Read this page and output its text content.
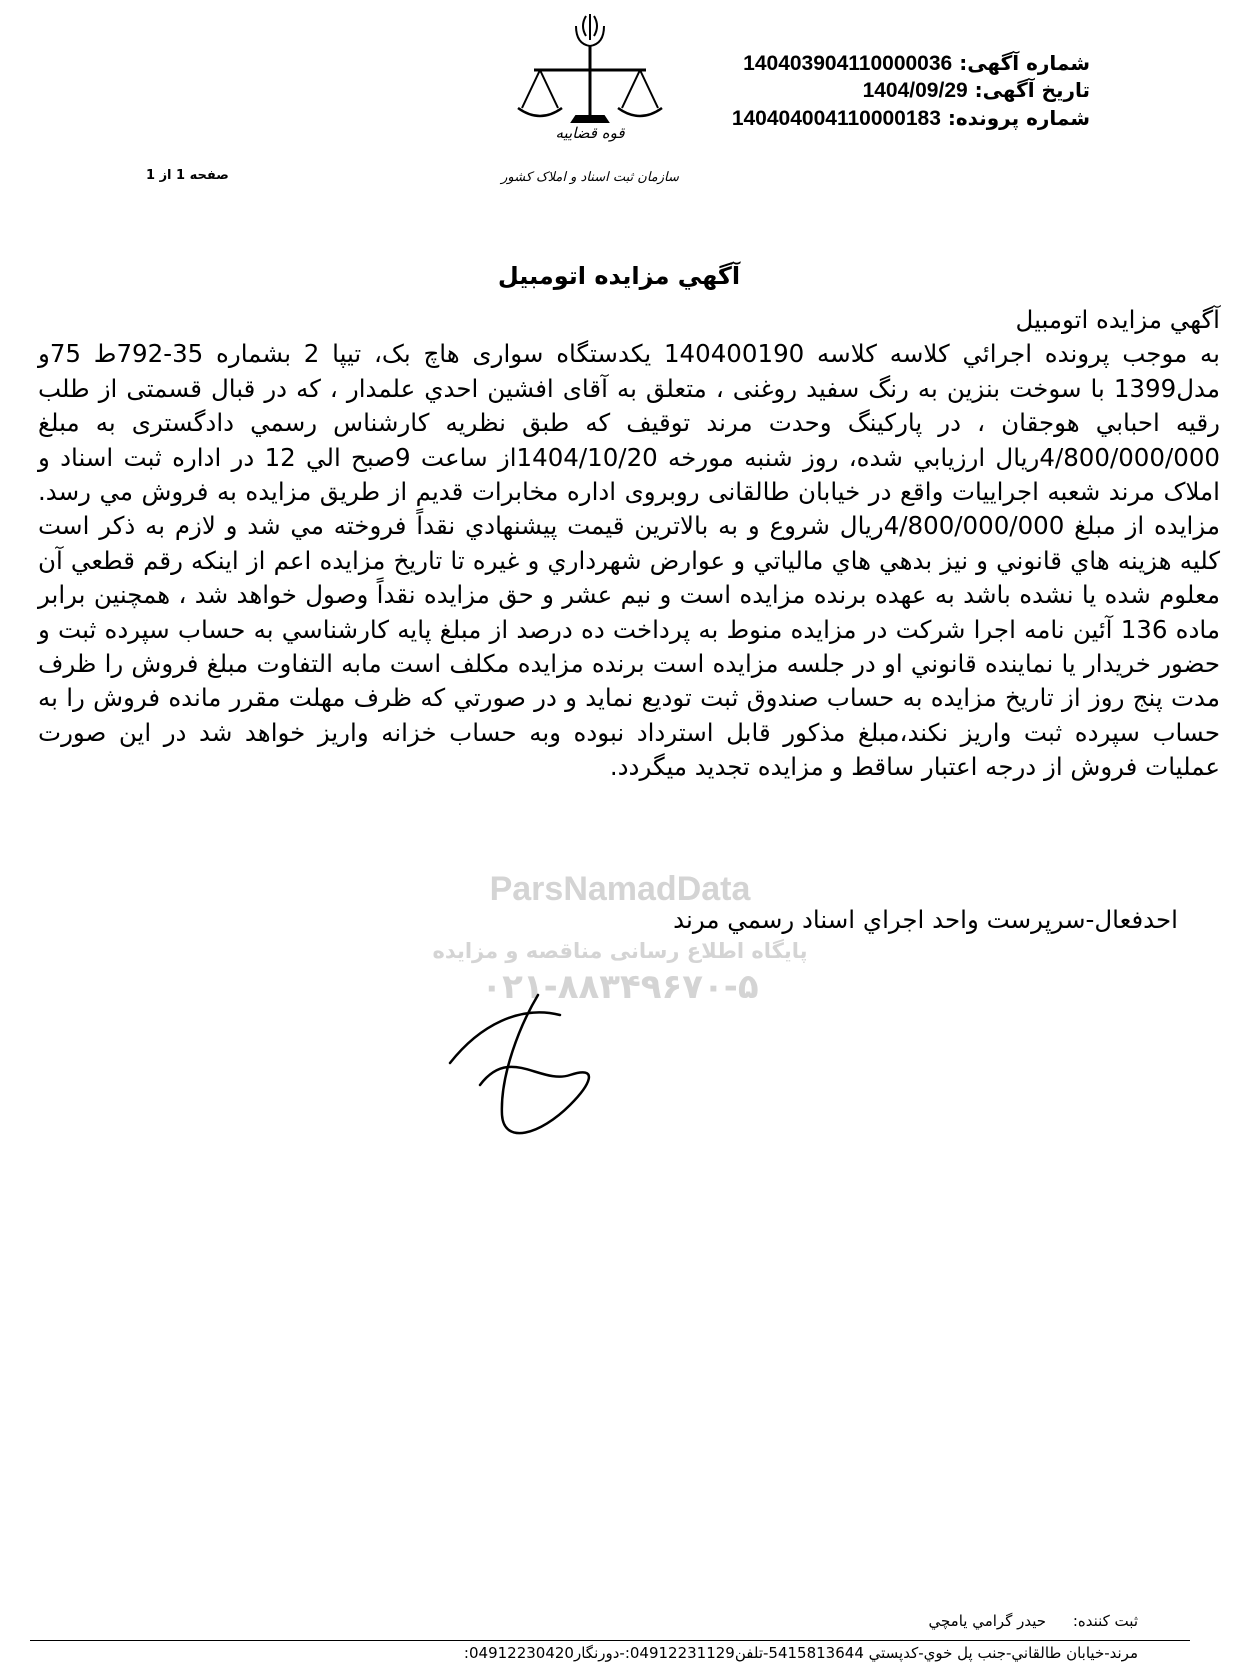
قوه قضاییه
سازمان ثبت اسناد و املاک کشور
شماره آگهی: 140403904110000036
تاریخ آگهی: 1404/09/29
شماره پرونده: 140404004110000183
صفحه 1 از 1
آگهي مزايده اتومبيل
ParsNamadData
پایگاه اطلاع رسانی مناقصه و مزایده
۰۲۱-۸۸۳۴۹۶۷۰-۵

آگهي مزايده اتومبيل

به موجب پرونده اجرائي کلاسه کلاسه 140400190 يکدستگاه سواری هاچ بک، تيپا 2 بشماره 35-792ط 75و مدل1399 با سوخت بنزين به رنگ سفيد روغنی ، متعلق به آقای افشين احدي علمدار ، که در قبال قسمتی از طلب رقيه احبابي هوجقان ، در پارکينگ وحدت مرند توقيف که طبق نظريه کارشناس رسمي دادگستری به مبلغ 4/800/000/000ريال ارزيابي شده، روز شنبه مورخه 1404/10/20از ساعت 9صبح الي 12 در اداره ثبت اسناد و املاک مرند شعبه اجرايیات واقع در خيابان طالقانی روبروی اداره مخابرات قديم از طريق مزايده به فروش مي رسد. مزايده از مبلغ 4/800/000/000ريال شروع و به بالاترين قيمت پيشنهادي نقداً فروخته مي شد و لازم به ذکر است کليه هزينه هاي قانوني و نيز بدهي هاي مالياتي و عوارض شهرداري و غيره تا تاريخ مزايده اعم از اينکه رقم قطعي آن معلوم شده يا نشده باشد به عهده برنده مزايده است و نيم عشر و حق مزايده نقداً وصول خواهد شد ، همچنين برابر ماده 136 آئين نامه اجرا شرکت در مزايده منوط به پرداخت ده درصد از مبلغ پايه کارشناسي به حساب سپرده ثبت و حضور خريدار يا نماينده قانوني او در جلسه مزايده است برنده مزايده مکلف است مابه التفاوت مبلغ فروش را ظرف مدت پنج روز از تاريخ مزايده به حساب صندوق ثبت توديع نمايد و در صورتي که ظرف مهلت مقرر مانده فروش را به حساب سپرده ثبت واريز نکند،مبلغ مذکور قابل استرداد نبوده وبه حساب خزانه واريز خواهد شد در اين صورت عمليات فروش از درجه اعتبار ساقط و مزايده تجديد ميگردد.

احدفعال-سرپرست واحد اجراي اسناد رسمي مرند
ثبت کننده: حيدر گرامي يامچي
مرند-خيابان طالقاني-جنب پل خوي-كدپستي 5415813644-تلفن04912231129:-دورنگار04912230420:
